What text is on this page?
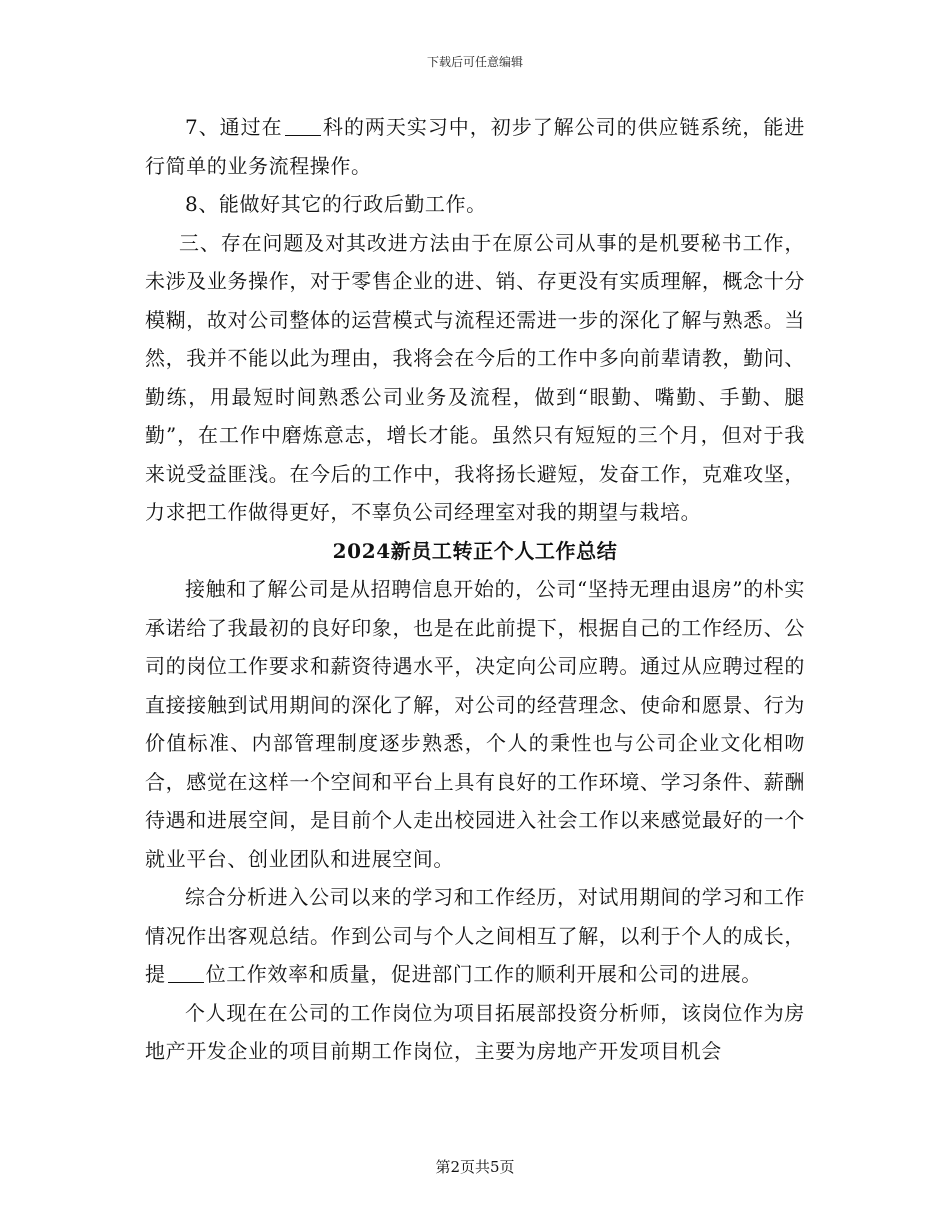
下载后可任意编辑

7、通过在 科的两天实习中，初步了解公司的供应链系统，能进行简单的业务流程操作。

8、能做好其它的行政后勤工作。

三、存在问题及对其改进方法由于在原公司从事的是机要秘书工作，未涉及业务操作，对于零售企业的进、销、存更没有实质理解，概念十分模糊，故对公司整体的运营模式与流程还需进一步的深化了解与熟悉。当然，我并不能以此为理由，我将会在今后的工作中多向前辈请教，勤问、勤练，用最短时间熟悉公司业务及流程，做到“眼勤、嘴勤、手勤、腿勤”，在工作中磨炼意志，增长才能。虽然只有短短的三个月，但对于我来说受益匪浅。在今后的工作中，我将扬长避短，发奋工作，克难攻坚，力求把工作做得更好，不辜负公司经理室对我的期望与栽培。

2024新员工转正个人工作总结

接触和了解公司是从招聘信息开始的，公司“坚持无理由退房”的朴实承诺给了我最初的良好印象，也是在此前提下，根据自己的工作经历、公司的岗位工作要求和薪资待遇水平，决定向公司应聘。通过从应聘过程的直接接触到试用期间的深化了解，对公司的经营理念、使命和愿景、行为价值标准、内部管理制度逐步熟悉，个人的秉性也与公司企业文化相吻合，感觉在这样一个空间和平台上具有良好的工作环境、学习条件、薪酬待遇和进展空间，是目前个人走出校园进入社会工作以来感觉最好的一个就业平台、创业团队和进展空间。

综合分析进入公司以来的学习和工作经历，对试用期间的学习和工作情况作出客观总结。作到公司与个人之间相互了解，以利于个人的成长，提 位工作效率和质量，促进部门工作的顺利开展和公司的进展。

个人现在在公司的工作岗位为项目拓展部投资分析师，该岗位作为房地产开发企业的项目前期工作岗位，主要为房地产开发项目机会

第2页共5页
